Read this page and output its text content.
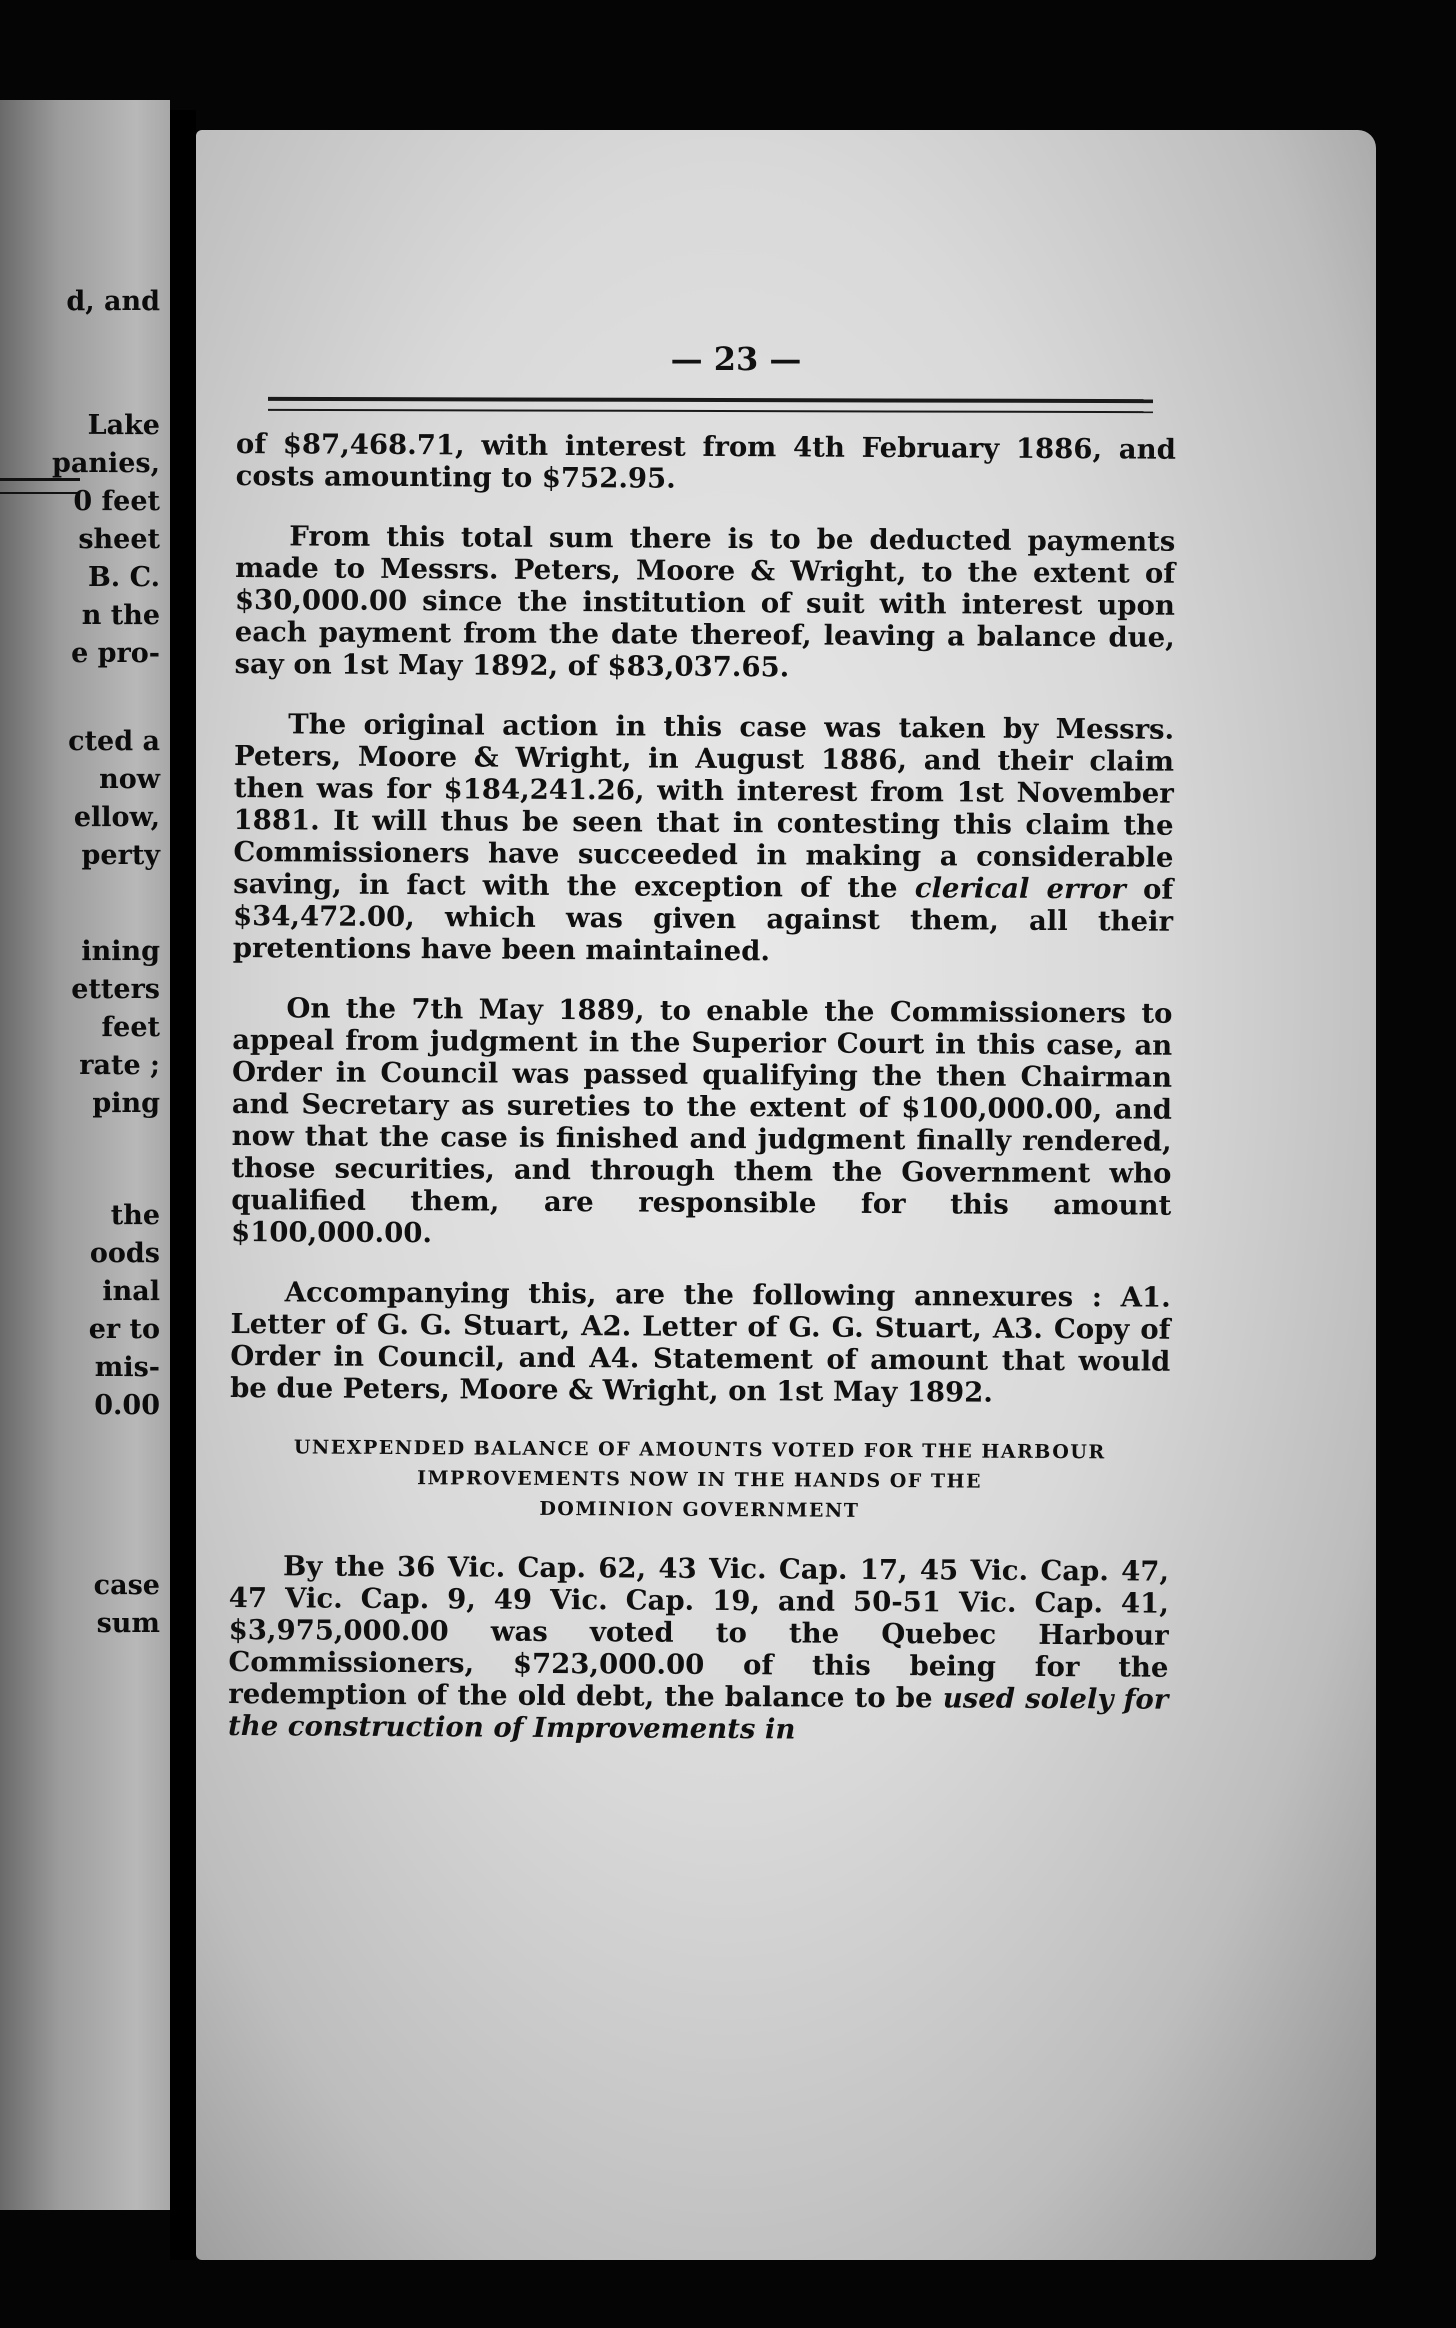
d, and

Lake

panies,

0 feet

sheet

B. C.

n the

e pro-

cted a

now

ellow,

perty

ining

etters

feet

rate ;

ping

the

oods

inal

er to

mis-

0.00

case

sum

— 23 —

of $87,468.71, with interest from 4th February 1886, and costs amounting to $752.95.

From this total sum there is to be deducted payments made to Messrs. Peters, Moore & Wright, to the extent of $30,000.00 since the institution of suit with interest upon each payment from the date thereof, leaving a balance due, say on 1st May 1892, of $83,037.65.

The original action in this case was taken by Messrs. Peters, Moore & Wright, in August 1886, and their claim then was for $184,241.26, with interest from 1st November 1881. It will thus be seen that in contesting this claim the Commissioners have succeeded in making a considerable saving, in fact with the exception of the clerical error of $34,472.00, which was given against them, all their pretentions have been maintained.

On the 7th May 1889, to enable the Commissioners to appeal from judgment in the Superior Court in this case, an Order in Council was passed qualifying the then Chairman and Secretary as sureties to the extent of $100,000.00, and now that the case is finished and judgment finally rendered, those securities, and through them the Government who qualified them, are responsible for this amount $100,000.00.

Accompanying this, are the following annexures : A1. Letter of G. G. Stuart, A2. Letter of G. G. Stuart, A3. Copy of Order in Council, and A4. Statement of amount that would be due Peters, Moore & Wright, on 1st May 1892.

UNEXPENDED BALANCE OF AMOUNTS VOTED FOR THE HARBOUR
IMPROVEMENTS NOW IN THE HANDS OF THE
DOMINION GOVERNMENT

By the 36 Vic. Cap. 62, 43 Vic. Cap. 17, 45 Vic. Cap. 47, 47 Vic. Cap. 9, 49 Vic. Cap. 19, and 50-51 Vic. Cap. 41, $3,975,000.00 was voted to the Quebec Harbour Commissioners, $723,000.00 of this being for the redemption of the old debt, the balance to be used solely for the construction of Improvements in
